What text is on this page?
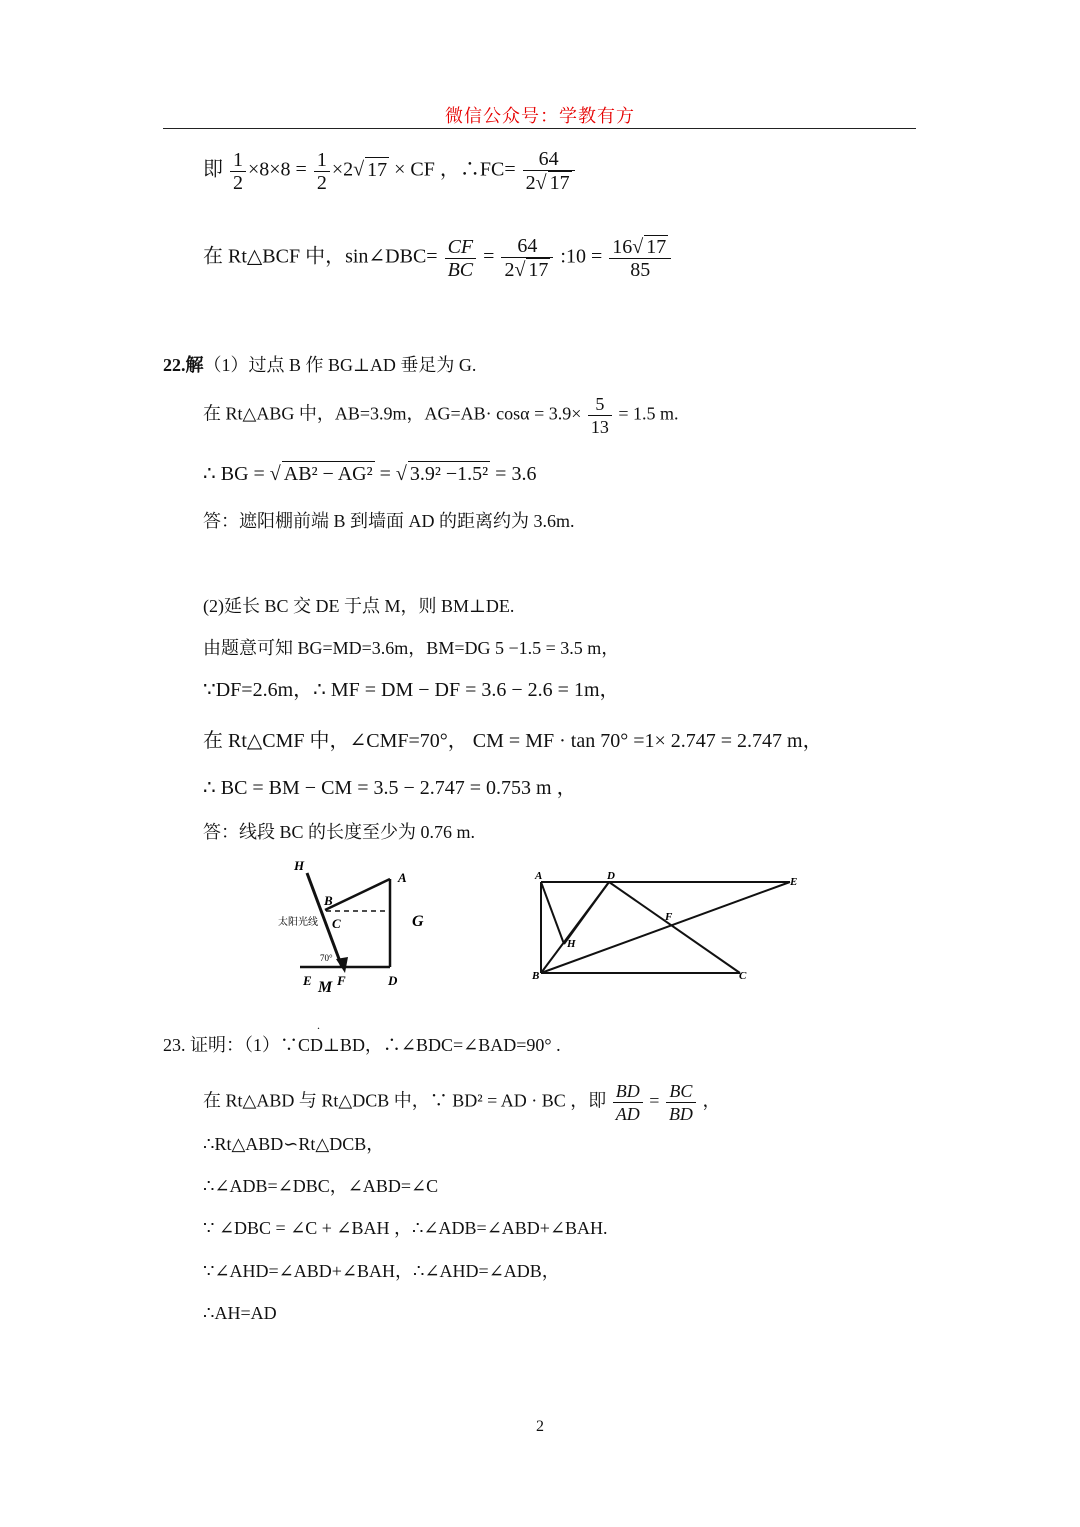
微信公众号：学教有方
即 $\frac{1}{2} \times 8\times 8 = \frac{1}{2} \times 2√$ 17 × CF ，∴FC= $\frac{64}{2√ 17}$
在 Rt△BCF 中，sin∠DBC= $\frac{CF}{BC} = \frac{64}{2√ 17}$ :10 = $\frac{16√ 17}{85}$
22.解（1）过点 B 作 BG⊥AD 垂足为 G.
在 Rt△ABG 中，AB=3.9m，$AG=AB\cdot \cos\alpha = 3.9\times \frac{5}{13} = 1.5$ m.
∴ BG = √ AB² − AG² = √ 3.9² −1.5² = 3.6
答：遮阳棚前端 B 到墙面 AD 的距离约为 3.6m.
(2)延长 BC 交 DE 于点 M，则 BM⊥DE.
由题意可知 BG=MD=3.6m，BM=DG 5 −1.5 = 3.5 m，
∵DF=2.6m，∴ MF = DM − DF = 3.6 − 2.6 = 1m，
在 Rt△CMF 中，∠CMF=70°， CM = MF · tan 70° =1× 2.747 = 2.747 m，
∴ BC = BM − CM = 3.5 − 2.747 = 0.753 m ，
答：线段 BC 的长度至少为 0.76 m.
H
A
B
C	G
太阳光线
70°
E M F	D
A	D	E
F
H
B	C
.
23. 证明：（1）∵CD⊥BD，∴∠BDC=∠BAD=90° .
在 Rt△ABD 与 Rt△DCB 中，∵ BD² = AD · BC ，即 $\frac{BD}{AD} = \frac{BC}{BD}$ ，
∴Rt△ABD∽Rt△DCB，
∴∠ADB=∠DBC，∠ABD=∠C
∵ ∠DBC = ∠C + ∠BAH ，∴∠ADB=∠ABD+∠BAH.
∵∠AHD=∠ABD+∠BAH，∴∠AHD=∠ADB，
∴AH=AD
2
